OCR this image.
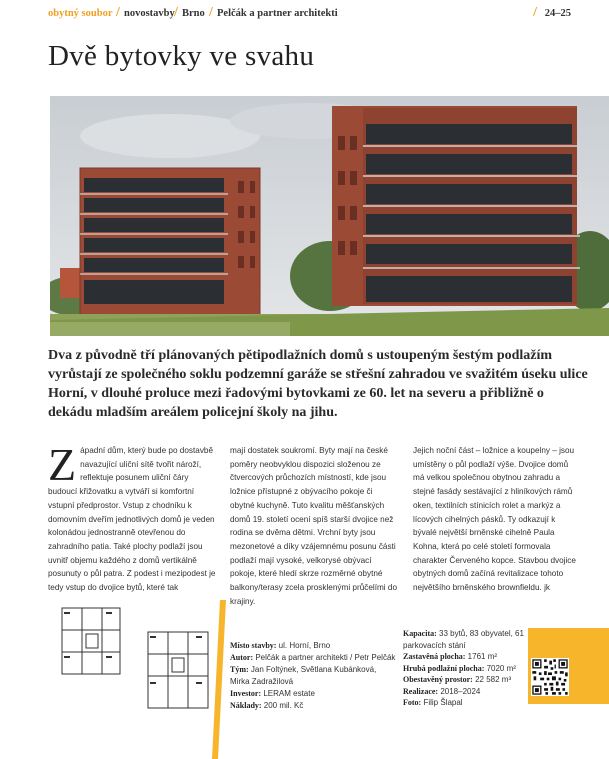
obytný soubor / novostavby / Brno / Pelčák a partner architekti	/ 24–25
Dvě bytovky ve svahu
Dva z původně tří plánovaných pětipodlažních domů s ustoupeným šestým podlažím vyrůstají ze společného soklu podzemní garáže se střešní zahradou ve svažitém úseku ulice Horní, v dlouhé proluce mezi řadovými bytovkami ze 60. let na severu a přibližně o dekádu mladším areálem policejní školy na jihu.
Západní dům, který bude po dostavbě navazující uliční sítě tvořit nároží, reflektuje posunem uliční čáry budoucí křižovatku a vytváří si komfortní vstupní předprostor. Vstup z chodníku k domovním dveřím jednotlivých domů je veden kolonádou jednostranně otevřenou do zahradního patia. Také plochy podlaží jsou uvnitř objemu každého z domů vertikálně posunuty o půl patra. Z podest i mezipodest je tedy vstup do dvojice bytů, které tak
mají dostatek soukromí. Byty mají na české poměry neobvyklou dispozici složenou ze čtvercových průchozích místností, kde jsou ložnice přístupné z obývacího pokoje či obytné kuchyně. Tuto kvalitu měšťanských domů 19. století ocení spíš starší dvojice než rodina se dvěma dětmi. Vrchní byty jsou mezonetové a díky vzájemnému posunu části podlaží mají vysoké, velkorysé obývací pokoje, které hledí skrze rozměrné obytné balkony/terasy zcela prosklenými průčelími do krajiny.
Jejich noční část – ložnice a koupelny – jsou umístěny o půl podlaží výše. Dvojice domů má velkou společnou obytnou zahradu a stejné fasády sestávající z hliníkových rámů oken, textilních stínicích rolet a markýz a lícových cihelných pásků. Ty odkazují k bývalé největší brněnské cihelně Paula Kohna, která po celé století formovala charakter Červeného kopce. Stavbou dvojice obytných domů začíná revitalizace tohoto největšího brněnského brownfieldu. jk
Místo stavby: ul. Horní, Brno
Autor: Pelčák a partner architekti / Petr Pelčák
Tým: Jan Foltýnek, Světlana Kubánková, Mirka Zadražilová
Investor: LERAM estate
Náklady: 200 mil. Kč
Kapacita: 33 bytů, 83 obyvatel, 61 parkovacích stání
Zastavěná plocha: 1761 m²
Hrubá podlažní plocha: 7020 m²
Obestavěný prostor: 22 582 m³
Realizace: 2018–2024
Foto: Filip Šlapal
